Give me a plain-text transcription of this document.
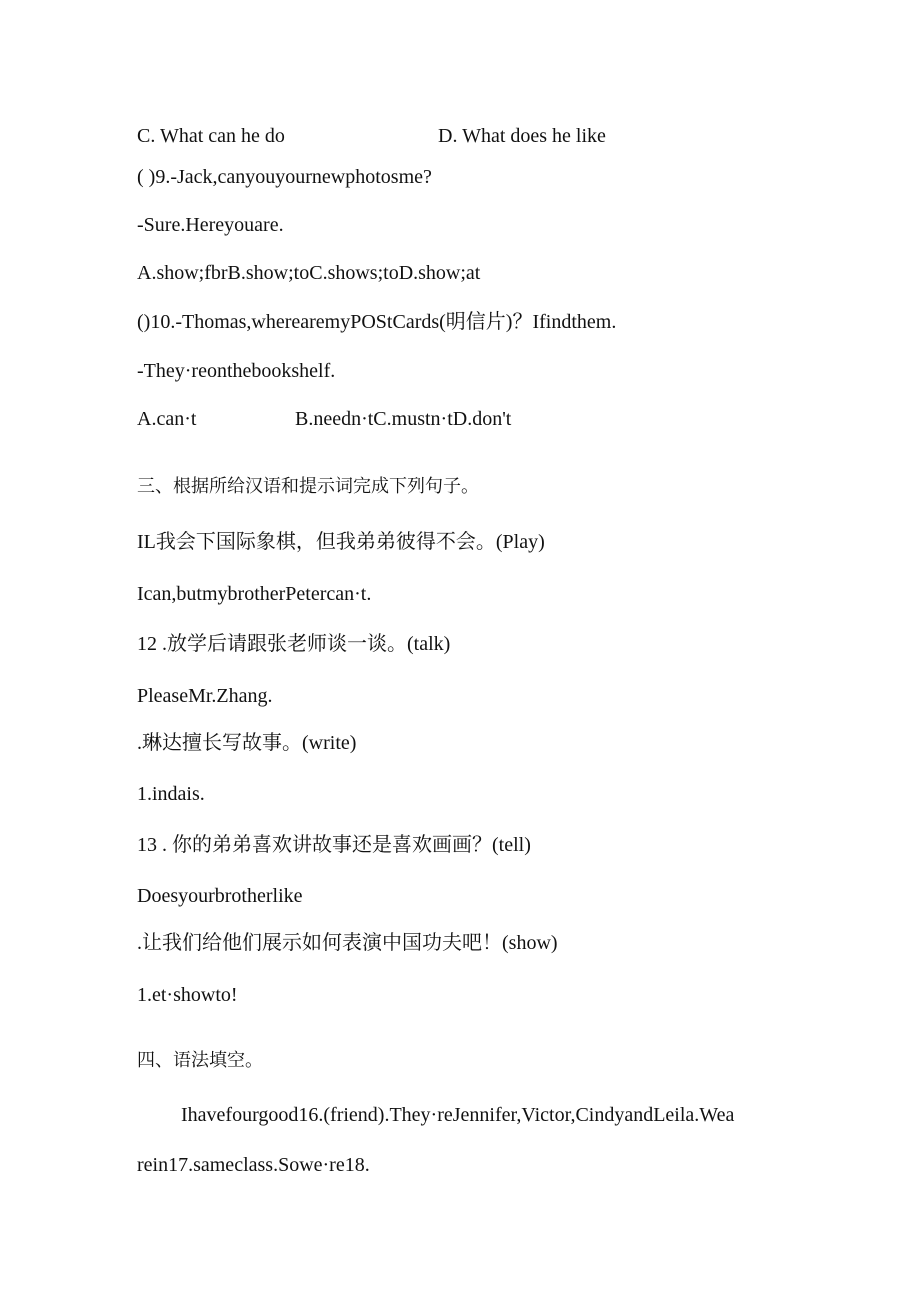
C. What can he do	D. What does he like
( )9.-Jack,canyouyournewphotosme?
-Sure.Hereyouare.
A.show;fbrB.show;toC.shows;toD.show;at
()10.-Thomas,wherearemyPOStCards(明信片)？Ifindthem.
-They·reonthebookshelf.
A.can·t	B.needn·tC.mustn·tD.don't
三、根据所给汉语和提示词完成下列句子。
IL我会下国际象棋，但我弟弟彼得不会。(Play)
Ican,butmybrotherPetercan·t.
12 .放学后请跟张老师谈一谈。(talk)
PleaseMr.Zhang.
.琳达擅长写故事。(write)
1.indais.
13 . 你的弟弟喜欢讲故事还是喜欢画画？(tell)
Doesyourbrotherlike
.让我们给他们展示如何表演中国功夫吧！(show)
1.et·showto!
四、语法填空。
Ihavefourgood16.(friend).They·reJennifer,Victor,CindyandLeila.Wea
rein17.sameclass.Sowe·re18.
